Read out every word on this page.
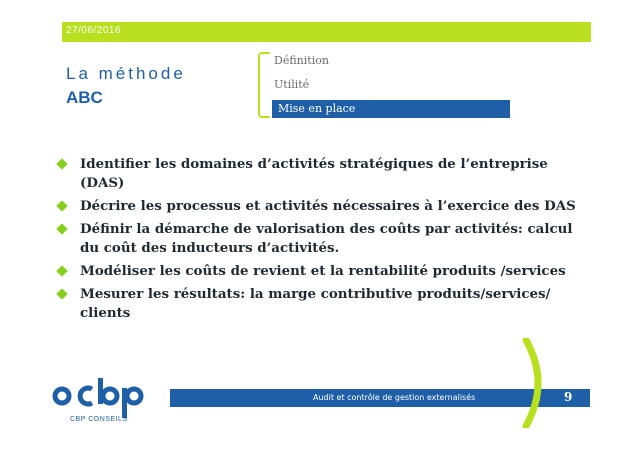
27/06/2016
La méthode
ABC
Définition
Utilité
Mise en place
Identifier les domaines d’activités stratégiques de l’entreprise (DAS)
Décrire les processus et activités nécessaires à l’exercice des DAS
Définir la démarche de valorisation des coûts par activités: calcul du coût des inducteurs d’activités.
Modéliser les coûts de revient et la rentabilité produits /services
Mesurer les résultats: la marge contributive produits/services/ clients
CBP CONSEILS
Audit et contrôle de gestion externalisés	9
